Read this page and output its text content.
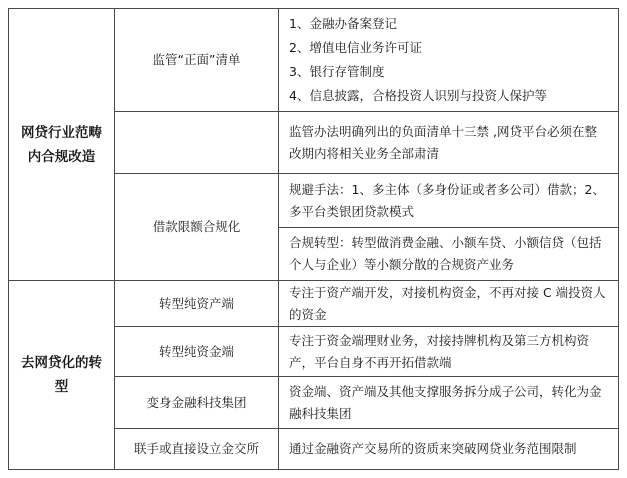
网贷行业范畴内合规改造
监管“正面”清单
1、金融办备案登记
2、增值电信业务许可证
3、银行存管制度
4、信息披露，合格投资人识别与投资人保护等
监管办法明确列出的负面清单十三禁 ,网贷平台必须在整改期内将相关业务全部肃清
借款限额合规化
规避手法：1、多主体（多身份证或者多公司）借款；2、多平台类银团贷款模式
合规转型：转型做消费金融、小额车贷、小额信贷（包括个人与企业）等小额分散的合规资产业务
去网贷化的转型
转型纯资产端
专注于资产端开发，对接机构资金，不再对接 C 端投资人的资金
转型纯资金端
专注于资金端理财业务，对接持牌机构及第三方机构资产，平台自身不再开拓借款端
变身金融科技集团
资金端、资产端及其他支撑服务拆分成子公司，转化为金融科技集团
联手或直接设立金交所 通过金融资产交易所的资质来突破网贷业务范围限制
